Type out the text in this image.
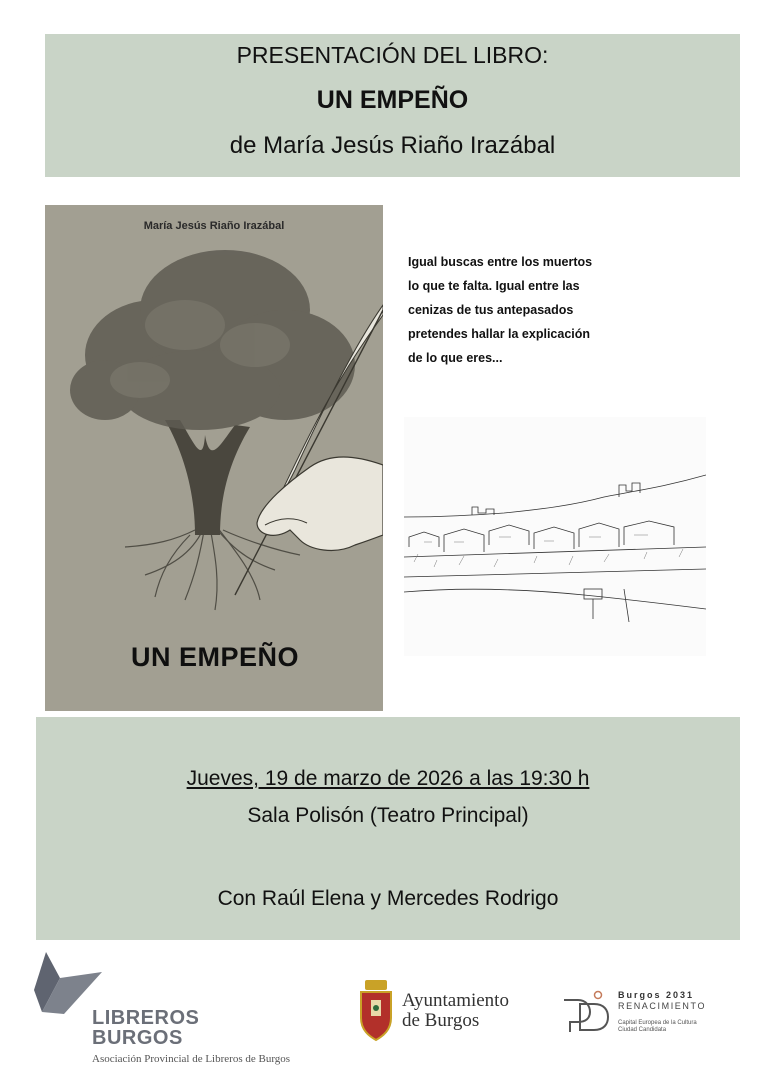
PRESENTACIÓN DEL LIBRO:
UN EMPEÑO
de María Jesús Riaño Irazábal
María Jesús Riaño Irazábal
UN EMPEÑO
Igual buscas entre los muertos
lo que te falta. Igual entre las
cenizas de tus antepasados
pretendes hallar la explicación
de lo que eres...
Jueves, 19 de marzo de 2026 a las 19:30 h
Sala Polisón (Teatro Principal)
Con Raúl Elena y Mercedes Rodrigo
LIBREROS
BURGOS
Asociación Provincial de Libreros de Burgos
Ayuntamiento
de Burgos
Burgos 2031
RENACIMIENTO
Capital Europea de la Cultura
Ciudad Candidata
